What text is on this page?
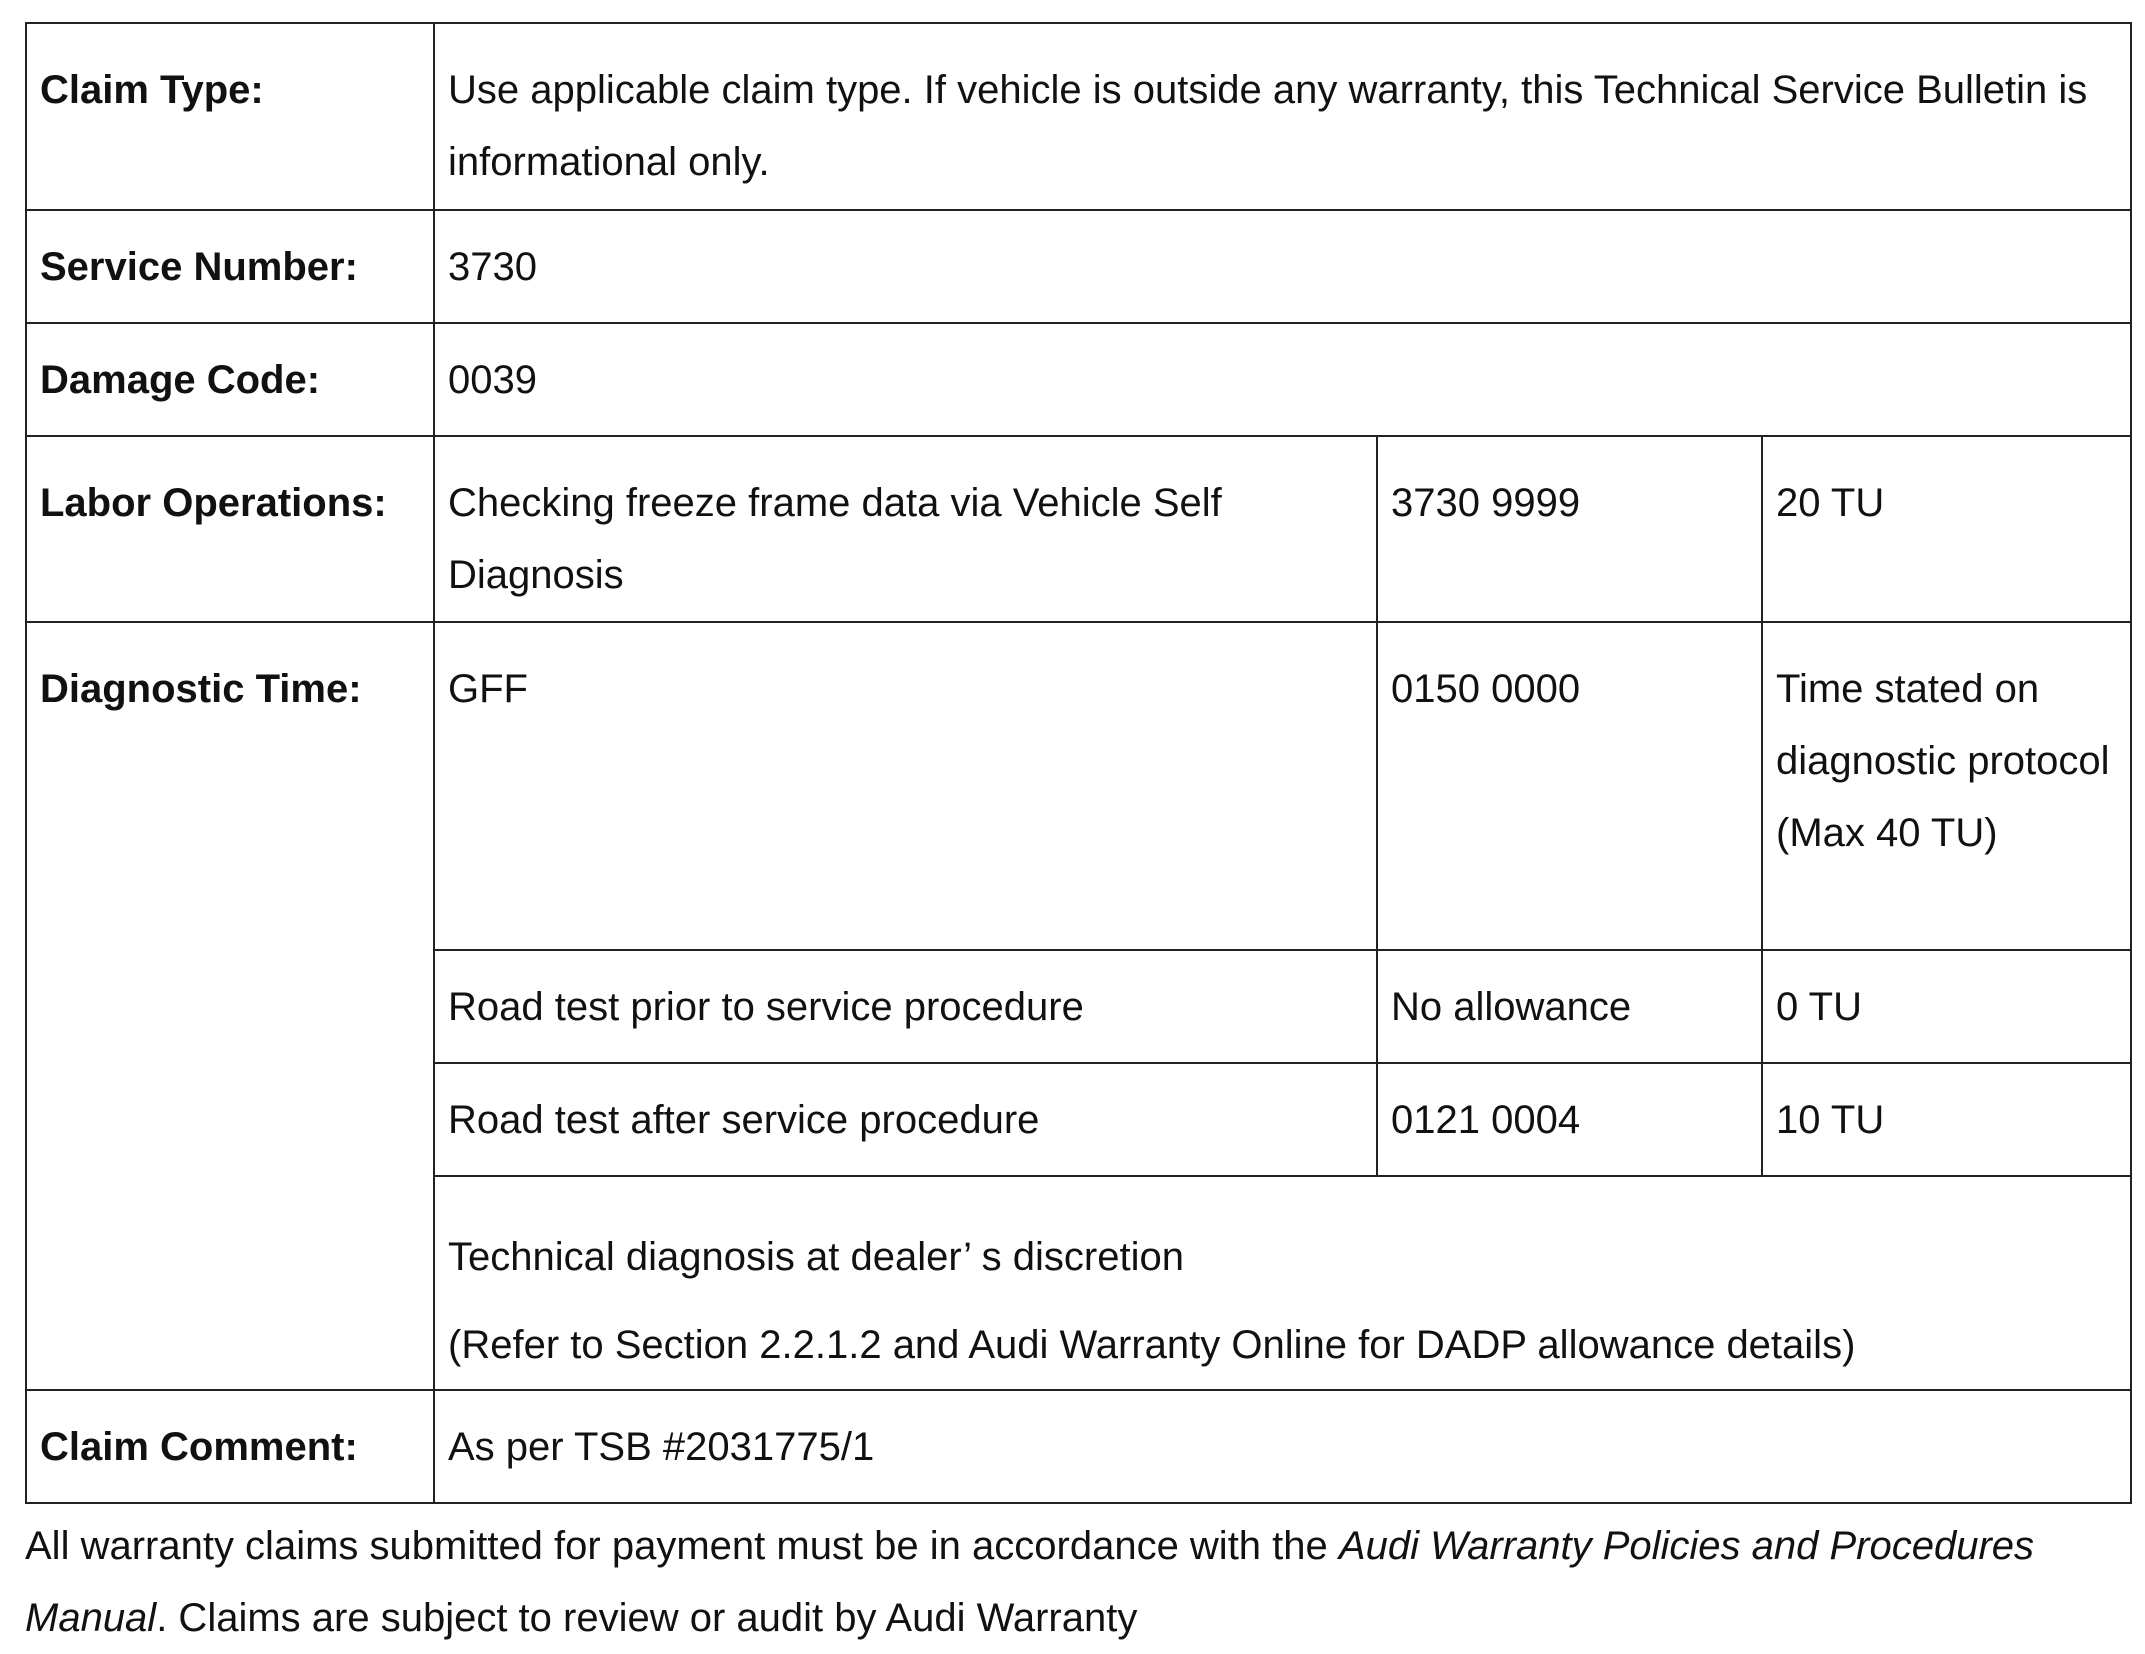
Claim Type:	Use applicable claim type. If vehicle is outside any warranty, this Technical Service Bulletin is informational only.		
Service Number:	3730		
Damage Code:	0039		
Labor Operations:	Checking freeze frame data via Vehicle Self Diagnosis	3730 9999	20 TU
Diagnostic Time:	GFF	0150 0000	Time stated on diagnostic protocol (Max 40 TU)
	Road test prior to service procedure	No allowance	0 TU
	Road test after service procedure	0121 0004	10 TU

	Technical diagnosis at dealer’ s discretion
(Refer to Section 2.2.1.2 and Audi Warranty Online for DADP allowance details)		

Claim Comment:	As per TSB #2031775/1		

All warranty claims submitted for payment must be in accordance with the Audi Warranty Policies and Procedures Manual. Claims are subject to review or audit by Audi Warranty
